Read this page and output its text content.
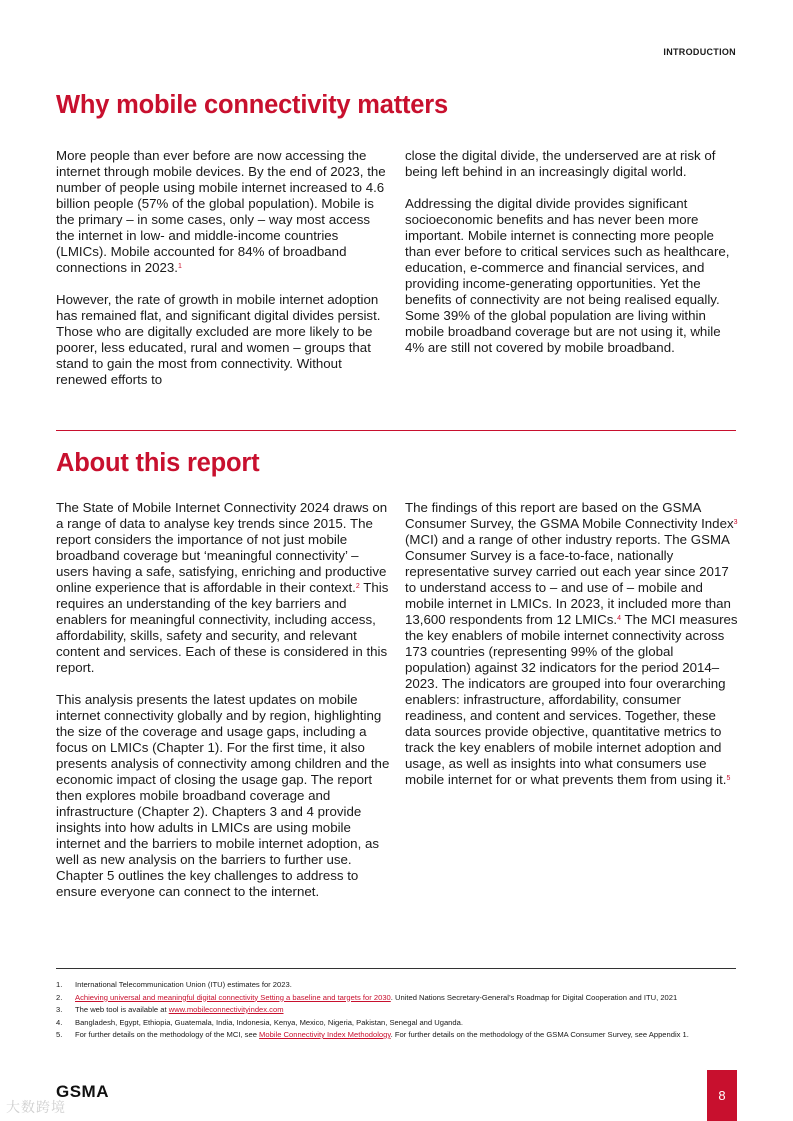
INTRODUCTION
Why mobile connectivity matters

More people than ever before are now accessing the internet through mobile devices. By the end of 2023, the number of people using mobile internet increased to 4.6 billion people (57% of the global population). Mobile is the primary – in some cases, only – way most access the internet in low- and middle-income countries (LMICs). Mobile accounted for 84% of broadband connections in 2023.$^1$

However, the rate of growth in mobile internet adoption has remained flat, and significant digital divides persist. Those who are digitally excluded are more likely to be poorer, less educated, rural and women – groups that stand to gain the most from connectivity. Without renewed efforts to

close the digital divide, the underserved are at risk of being left behind in an increasingly digital world.

Addressing the digital divide provides significant socioeconomic benefits and has never been more important. Mobile internet is connecting more people than ever before to critical services such as healthcare, education, e-commerce and financial services, and providing income-generating opportunities. Yet the benefits of connectivity are not being realised equally. Some 39% of the global population are living within mobile broadband coverage but are not using it, while 4% are still not covered by mobile broadband.

About this report

The State of Mobile Internet Connectivity 2024 draws on a range of data to analyse key trends since 2015. The report considers the importance of not just mobile broadband coverage but ‘meaningful connectivity’ – users having a safe, satisfying, enriching and productive online experience that is affordable in their context.$^2$ This requires an understanding of the key barriers and enablers for meaningful connectivity, including access, affordability, skills, safety and security, and relevant content and services. Each of these is considered in this report.

This analysis presents the latest updates on mobile internet connectivity globally and by region, highlighting the size of the coverage and usage gaps, including a focus on LMICs (Chapter 1). For the first time, it also presents analysis of connectivity among children and the economic impact of closing the usage gap. The report then explores mobile broadband coverage and infrastructure (Chapter 2). Chapters 3 and 4 provide insights into how adults in LMICs are using mobile internet and the barriers to mobile internet adoption, as well as new analysis on the barriers to further use. Chapter 5 outlines the key challenges to address to ensure everyone can connect to the internet.

The findings of this report are based on the GSMA Consumer Survey, the GSMA Mobile Connectivity Index$^3$ (MCI) and a range of other industry reports. The GSMA Consumer Survey is a face-to-face, nationally representative survey carried out each year since 2017 to understand access to – and use of – mobile and mobile internet in LMICs. In 2023, it included more than 13,600 respondents from 12 LMICs.$^4$ The MCI measures the key enablers of mobile internet connectivity across 173 countries (representing 99% of the global population) against 32 indicators for the period 2014–2023. The indicators are grouped into four overarching enablers: infrastructure, affordability, consumer readiness, and content and services. Together, these data sources provide objective, quantitative metrics to track the key enablers of mobile internet adoption and usage, as well as insights into what consumers use mobile internet for or what prevents them from using it.$^5$

1.	International Telecommunication Union (ITU) estimates for 2023.
2.	Achieving universal and meaningful digital connectivity Setting a baseline and targets for 2030. United Nations Secretary-General’s Roadmap for Digital Cooperation and ITU, 2021
3.	The web tool is available at www.mobileconnectivityindex.com
4.	Bangladesh, Egypt, Ethiopia, Guatemala, India, Indonesia, Kenya, Mexico, Nigeria, Pakistan, Senegal and Uganda.
5.	For further details on the methodology of the MCI, see Mobile Connectivity Index Methodology. For further details on the methodology of the GSMA Consumer Survey, see Appendix 1.
GSMA
大数跨境
8
